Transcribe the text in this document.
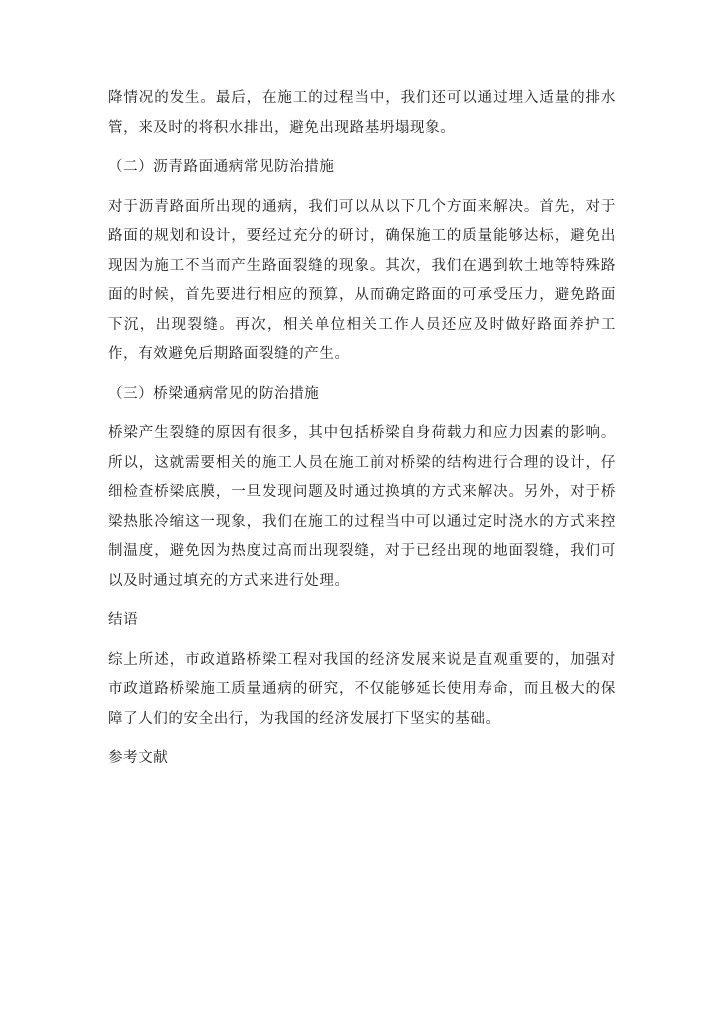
降情况的发生。最后，在施工的过程当中，我们还可以通过埋入适量的排水管，来及时的将积水排出，避免出现路基坍塌现象。

（二）沥青路面通病常见防治措施

对于沥青路面所出现的通病，我们可以从以下几个方面来解决。首先，对于路面的规划和设计，要经过充分的研讨，确保施工的质量能够达标，避免出现因为施工不当而产生路面裂缝的现象。其次，我们在遇到软土地等特殊路面的时候，首先要进行相应的预算，从而确定路面的可承受压力，避免路面下沉，出现裂缝。再次，相关单位相关工作人员还应及时做好路面养护工作，有效避免后期路面裂缝的产生。

（三）桥梁通病常见的防治措施

桥梁产生裂缝的原因有很多，其中包括桥梁自身荷载力和应力因素的影响。所以，这就需要相关的施工人员在施工前对桥梁的结构进行合理的设计，仔细检查桥梁底膜，一旦发现问题及时通过换填的方式来解决。另外，对于桥梁热胀冷缩这一现象，我们在施工的过程当中可以通过定时浇水的方式来控制温度，避免因为热度过高而出现裂缝，对于已经出现的地面裂缝，我们可以及时通过填充的方式来进行处理。

结语

综上所述，市政道路桥梁工程对我国的经济发展来说是直观重要的，加强对市政道路桥梁施工质量通病的研究，不仅能够延长使用寿命，而且极大的保障了人们的安全出行，为我国的经济发展打下坚实的基础。

参考文献
